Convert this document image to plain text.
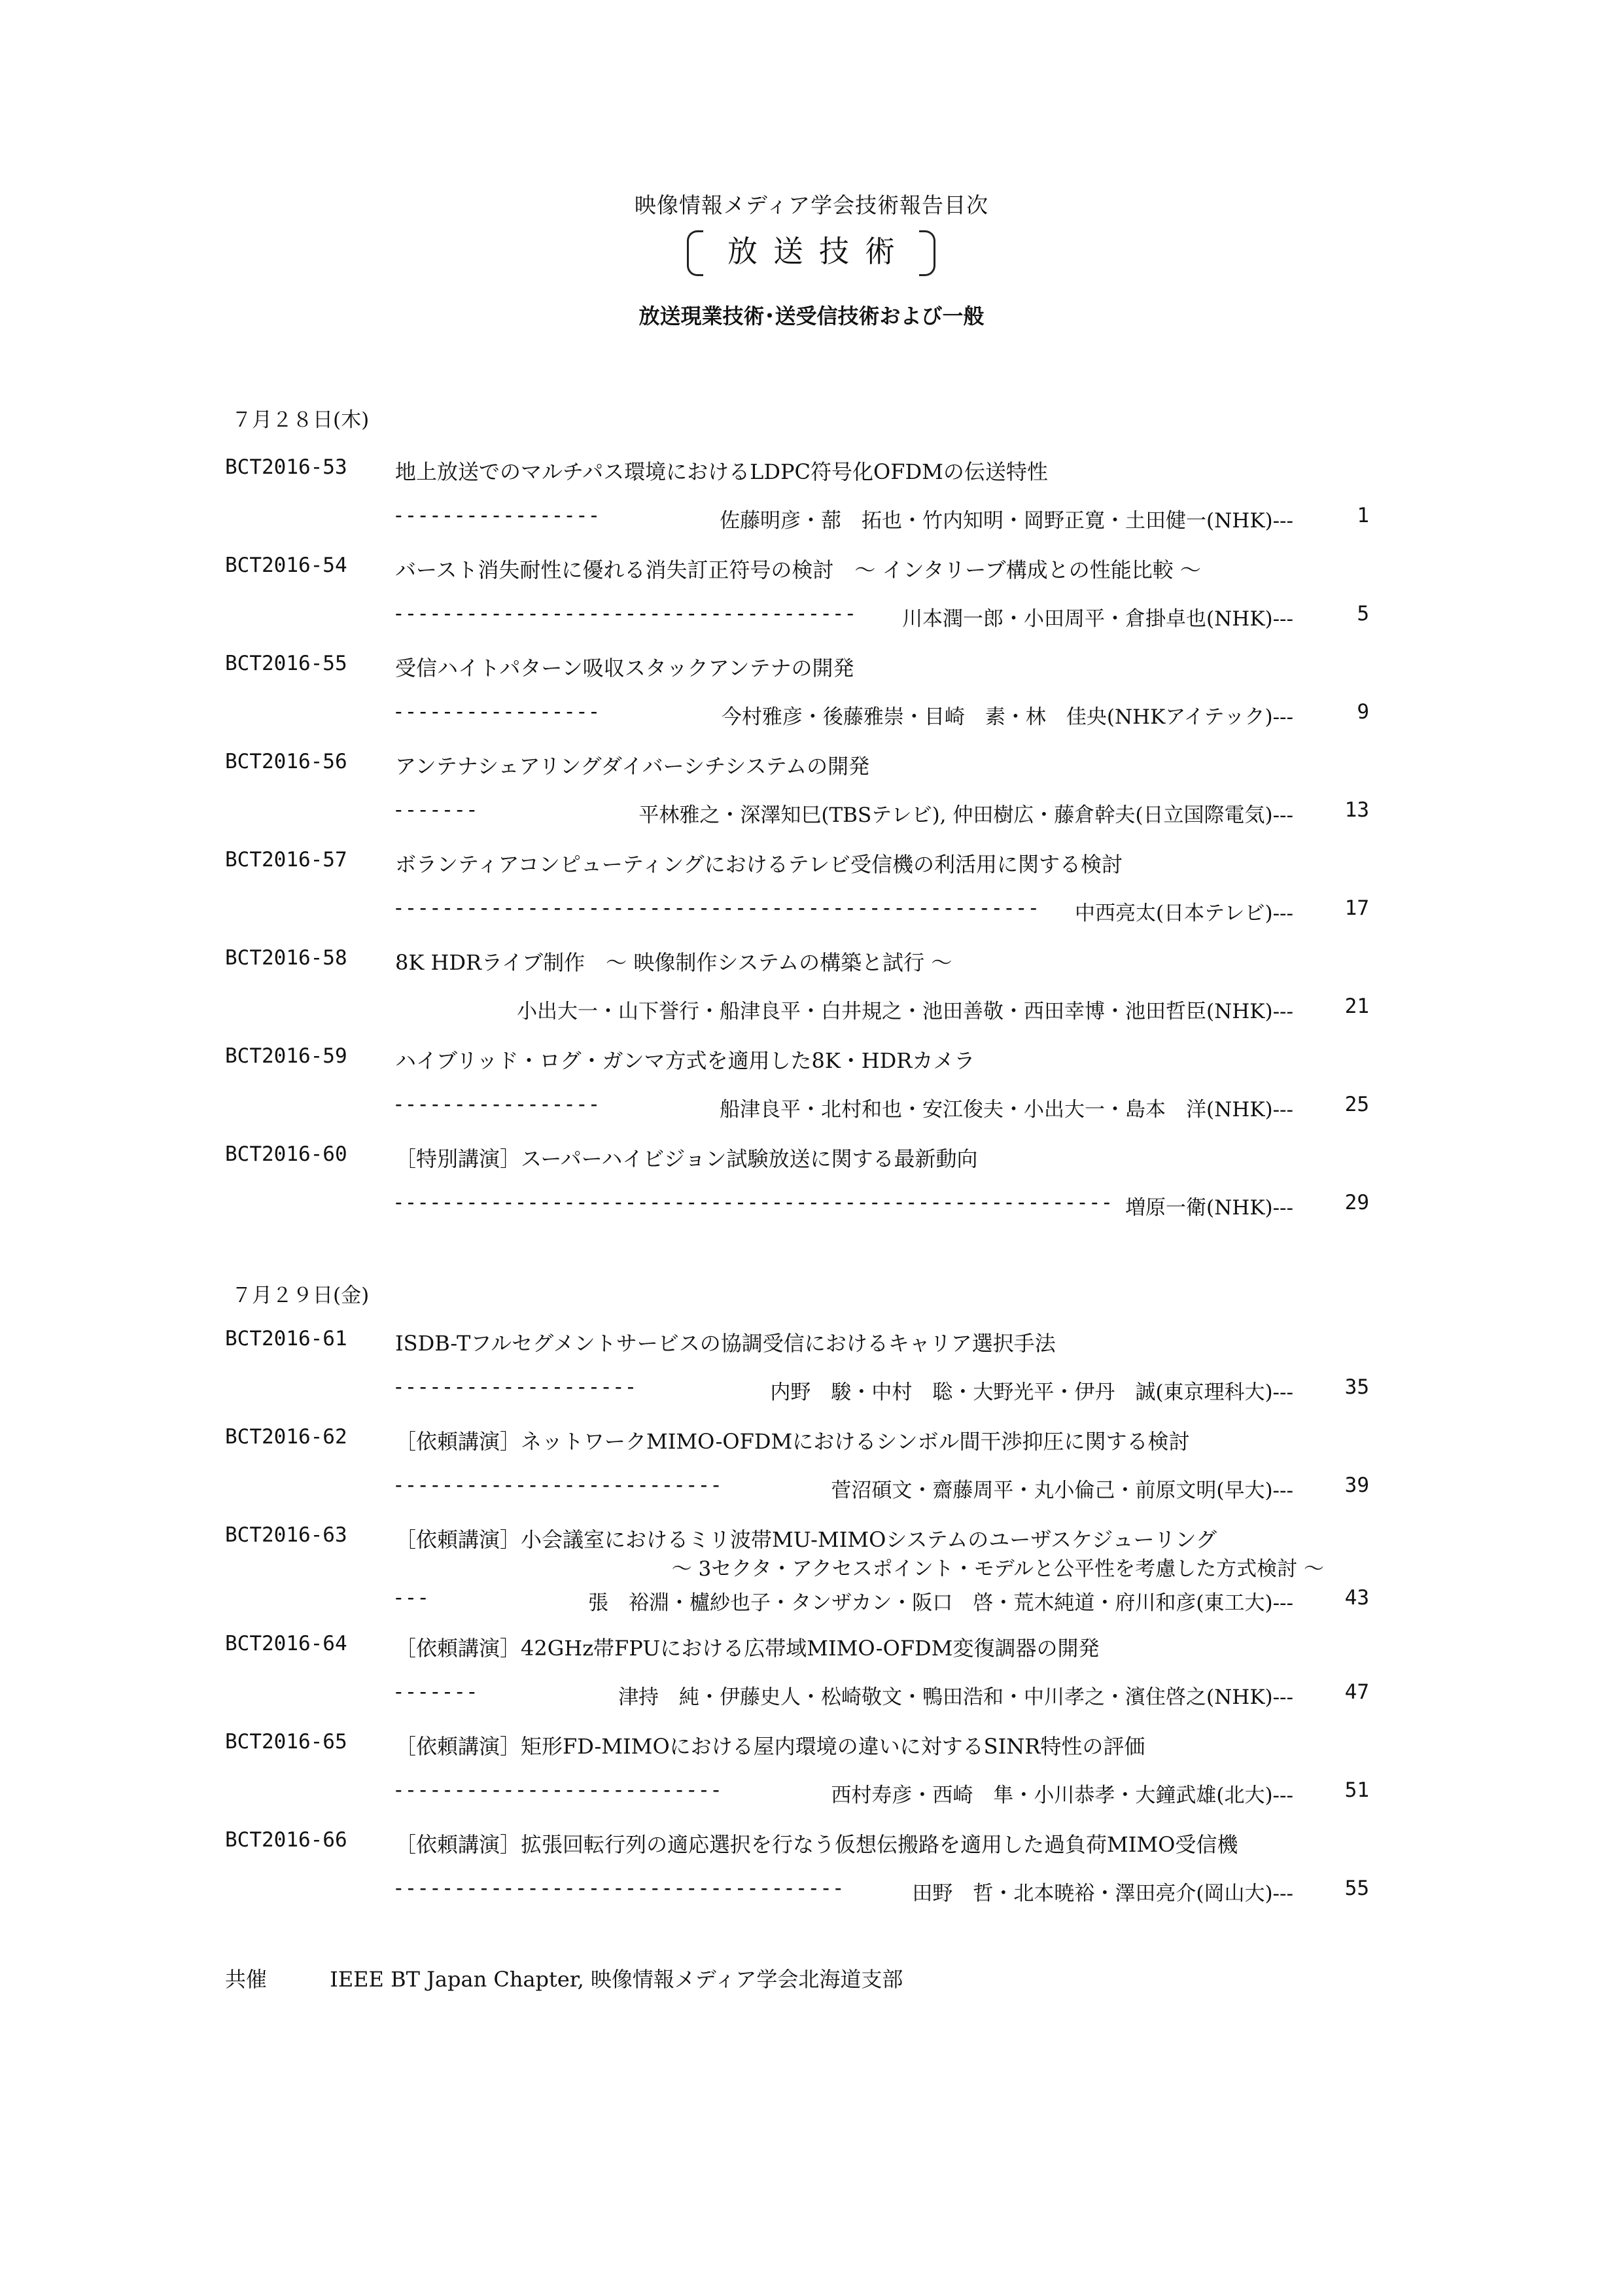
映像情報メディア学会技術報告目次
放送技術
放送現業技術･送受信技術および一般
７月２８日(木)
BCT2016-53 地上放送でのマルチパス環境におけるLDPC符号化OFDMの伝送特性
-----------------	佐藤明彦・蔀　拓也・竹内知明・岡野正寛・土田健一(NHK)---	1
BCT2016-54 バースト消失耐性に優れる消失訂正符号の検討　～ インタリーブ構成との性能比較 ～
-------------------------------------- 川本潤一郎・小田周平・倉掛卓也(NHK)---	5
BCT2016-55 受信ハイトパターン吸収スタックアンテナの開発
-----------------	今村雅彦・後藤雅崇・目崎　素・林　佳央(NHKアイテック)---	9
BCT2016-56 アンテナシェアリングダイバーシチシステムの開発
-------	平林雅之・深澤知巳(TBSテレビ), 仲田樹広・藤倉幹夫(日立国際電気)---	13
BCT2016-57 ボランティアコンピューティングにおけるテレビ受信機の利活用に関する検討
----------------------------------------------------- 中西亮太(日本テレビ)---	17
BCT2016-58 8K HDRライブ制作　～ 映像制作システムの構築と試行 ～
小出大一・山下誉行・船津良平・白井規之・池田善敬・西田幸博・池田哲臣(NHK)---	21
BCT2016-59 ハイブリッド・ログ・ガンマ方式を適用した8K・HDRカメラ
-----------------	船津良平・北村和也・安江俊夫・小出大一・島本　洋(NHK)---	25
BCT2016-60 ［特別講演］スーパーハイビジョン試験放送に関する最新動向
----------------------------------------------------------- 増原一衛(NHK)---	29
７月２９日(金)
BCT2016-61 ISDB-Tフルセグメントサービスの協調受信におけるキャリア選択手法
--------------------	内野　駿・中村　聡・大野光平・伊丹　誠(東京理科大)---	35
BCT2016-62 ［依頼講演］ネットワークMIMO-OFDMにおけるシンボル間干渉抑圧に関する検討
---------------------------	菅沼碩文・齋藤周平・丸小倫己・前原文明(早大)---	39
BCT2016-63 ［依頼講演］小会議室におけるミリ波帯MU-MIMOシステムのユーザスケジューリング
～ 3セクタ・アクセスポイント・モデルと公平性を考慮した方式検討 ～
---	張　裕淵・櫨紗也子・タンザカン・阪口　啓・荒木純道・府川和彦(東工大)---	43
BCT2016-64 ［依頼講演］42GHz帯FPUにおける広帯域MIMO-OFDM変復調器の開発
-------	津持　純・伊藤史人・松崎敬文・鴨田浩和・中川孝之・濱住啓之(NHK)---	47
BCT2016-65 ［依頼講演］矩形FD-MIMOにおける屋内環境の違いに対するSINR特性の評価
---------------------------	西村寿彦・西崎　隼・小川恭孝・大鐘武雄(北大)---	51
BCT2016-66 ［依頼講演］拡張回転行列の適応選択を行なう仮想伝搬路を適用した過負荷MIMO受信機
-------------------------------------	田野　哲・北本暁裕・澤田亮介(岡山大)---	55
共催	IEEE BT Japan Chapter, 映像情報メディア学会北海道支部
